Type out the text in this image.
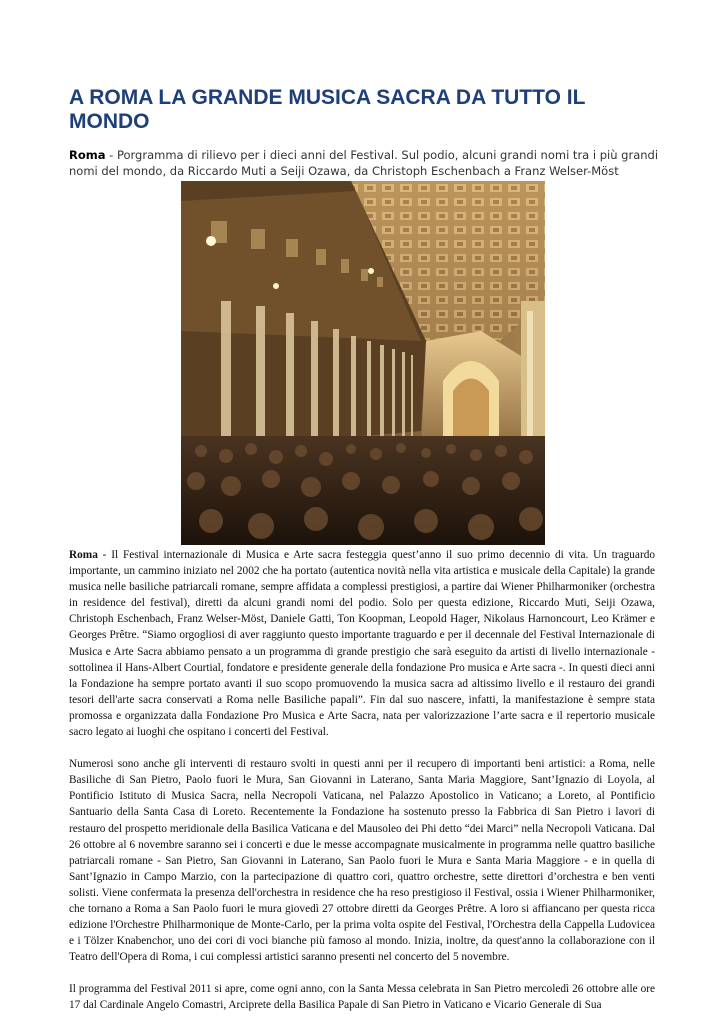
A ROMA LA GRANDE MUSICA SACRA DA TUTTO IL MONDO

Roma - Porgramma di rilievo per i dieci anni del Festival. Sul podio, alcuni grandi nomi tra i più grandi nomi del mondo, da Riccardo Muti a Seiji Ozawa, da Christoph Eschenbach a Franz Welser-Möst

Roma - Il Festival internazionale di Musica e Arte sacra festeggia quest’anno il suo primo decennio di vita. Un traguardo importante, un cammino iniziato nel 2002 che ha portato (autentica novità nella vita artistica e musicale della Capitale) la grande musica nelle basiliche patriarcali romane, sempre affidata a complessi prestigiosi, a partire dai Wiener Philharmoniker (orchestra in residence del festival), diretti da alcuni grandi nomi del podio. Solo per questa edizione, Riccardo Muti, Seiji Ozawa, Christoph Eschenbach, Franz Welser-Möst, Daniele Gatti, Ton Koopman, Leopold Hager, Nikolaus Harnoncourt, Leo Krämer e Georges Prêtre. “Siamo orgogliosi di aver raggiunto questo importante traguardo e per il decennale del Festival Internazionale di Musica e Arte Sacra abbiamo pensato a un programma di grande prestigio che sarà eseguito da artisti di livello internazionale - sottolinea il Hans-Albert Courtial, fondatore e presidente generale della fondazione Pro musica e Arte sacra -. In questi dieci anni la Fondazione ha sempre portato avanti il suo scopo promuovendo la musica sacra ad altissimo livello e il restauro dei grandi tesori dell'arte sacra conservati a Roma nelle Basiliche papali”. Fin dal suo nascere, infatti, la manifestazione è sempre stata promossa e organizzata dalla Fondazione Pro Musica e Arte Sacra, nata per valorizzazione l’arte sacra e il repertorio musicale sacro legato ai luoghi che ospitano i concerti del Festival.

Numerosi sono anche gli interventi di restauro svolti in questi anni per il recupero di importanti beni artistici: a Roma, nelle Basiliche di San Pietro, Paolo fuori le Mura, San Giovanni in Laterano, Santa Maria Maggiore, Sant’Ignazio di Loyola, al Pontificio Istituto di Musica Sacra, nella Necropoli Vaticana, nel Palazzo Apostolico in Vaticano; a Loreto, al Pontificio Santuario della Santa Casa di Loreto. Recentemente la Fondazione ha sostenuto presso la Fabbrica di San Pietro i lavori di restauro del prospetto meridionale della Basilica Vaticana e del Mausoleo dei Phi detto “dei Marci” nella Necropoli Vaticana. Dal 26 ottobre al 6 novembre saranno sei i concerti e due le messe accompagnate musicalmente in programma nelle quattro basiliche patriarcali romane - San Pietro, San Giovanni in Laterano, San Paolo fuori le Mura e Santa Maria Maggiore - e in quella di Sant’Ignazio in Campo Marzio, con la partecipazione di quattro cori, quattro orchestre, sette direttori d’orchestra e ben venti solisti. Viene confermata la presenza dell'orchestra in residence che ha reso prestigioso il Festival, ossia i Wiener Philharmoniker, che tornano a Roma a San Paolo fuori le mura giovedì 27 ottobre diretti da Georges Prêtre. A loro si affiancano per questa ricca edizione l'Orchestre Philharmonique de Monte-Carlo, per la prima volta ospite del Festival, l'Orchestra della Cappella Ludovicea e i Tölzer Knabenchor, uno dei cori di voci bianche più famoso al mondo. Inizia, inoltre, da quest'anno la collaborazione con il Teatro dell'Opera di Roma, i cui complessi artistici saranno presenti nel concerto del 5 novembre.

Il programma del Festival 2011 si apre, come ogni anno, con la Santa Messa celebrata in San Pietro mercoledì 26 ottobre alle ore 17 dal Cardinale Angelo Comastri, Arciprete della Basilica Papale di San Pietro in Vaticano e Vicario Generale di Sua
